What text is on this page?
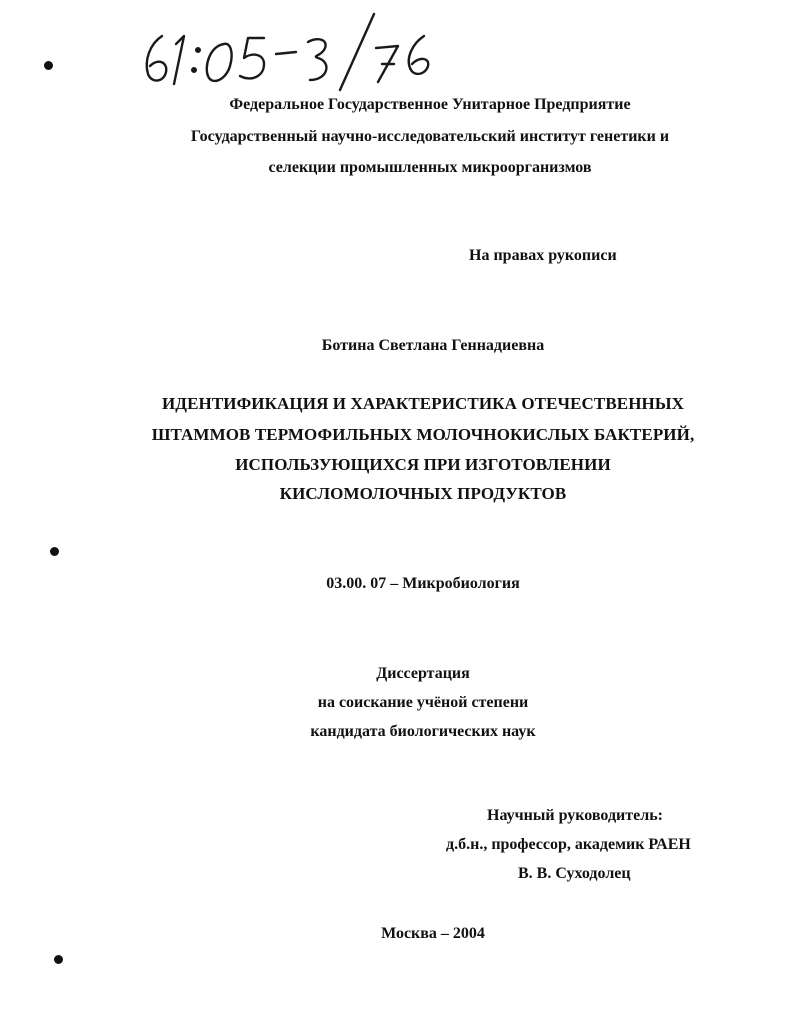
Федеральное Государственное Унитарное Предприятие
Государственный научно-исследовательский институт генетики и
селекции промышленных микроорганизмов
На правах рукописи
Ботина Светлана Геннадиевна
ИДЕНТИФИКАЦИЯ И ХАРАКТЕРИСТИКА ОТЕЧЕСТВЕННЫХ
ШТАММОВ ТЕРМОФИЛЬНЫХ МОЛОЧНОКИСЛЫХ БАКТЕРИЙ,
ИСПОЛЬЗУЮЩИХСЯ ПРИ ИЗГОТОВЛЕНИИ
КИСЛОМОЛОЧНЫХ ПРОДУКТОВ
03.00. 07 – Микробиология
Диссертация
на соискание учёной степени
кандидата биологических наук
Научный руководитель:
д.б.н., профессор, академик РАЕН
В. В. Суходолец
Москва – 2004
